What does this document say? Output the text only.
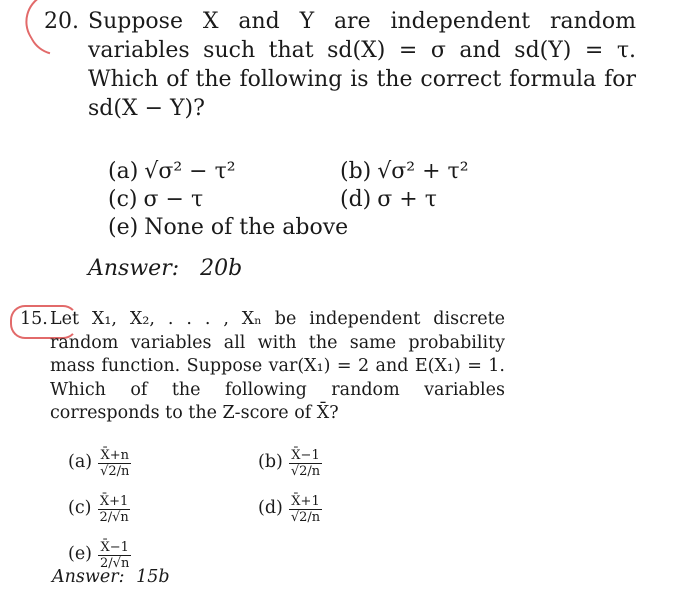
20. Suppose X and Y are independent random variables such that sd(X) = σ and sd(Y) = τ. Which of the following is the correct formula for sd(X − Y)?
(a) √σ² − τ²	(b) √σ² + τ²
(c) σ − τ	(d) σ + τ
(e) None of the above
Answer: 20b
15. Let X₁, X₂, . . . , Xₙ be independent discrete random variables all with the same probability mass function. Suppose var(X₁) = 2 and E(X₁) = 1. Which of the following random variables corresponds to the Z-score of X̄?
$(a) \frac{X̄+n}{√2/n}$	$(b) \frac{X̄-1}{√2/n}$
$(c) \frac{X̄+1}{2/√n}$	$(d) \frac{X̄+1}{√2/n}$
$(e) \frac{X̄-1}{2/√n}$
Answer: 15b
